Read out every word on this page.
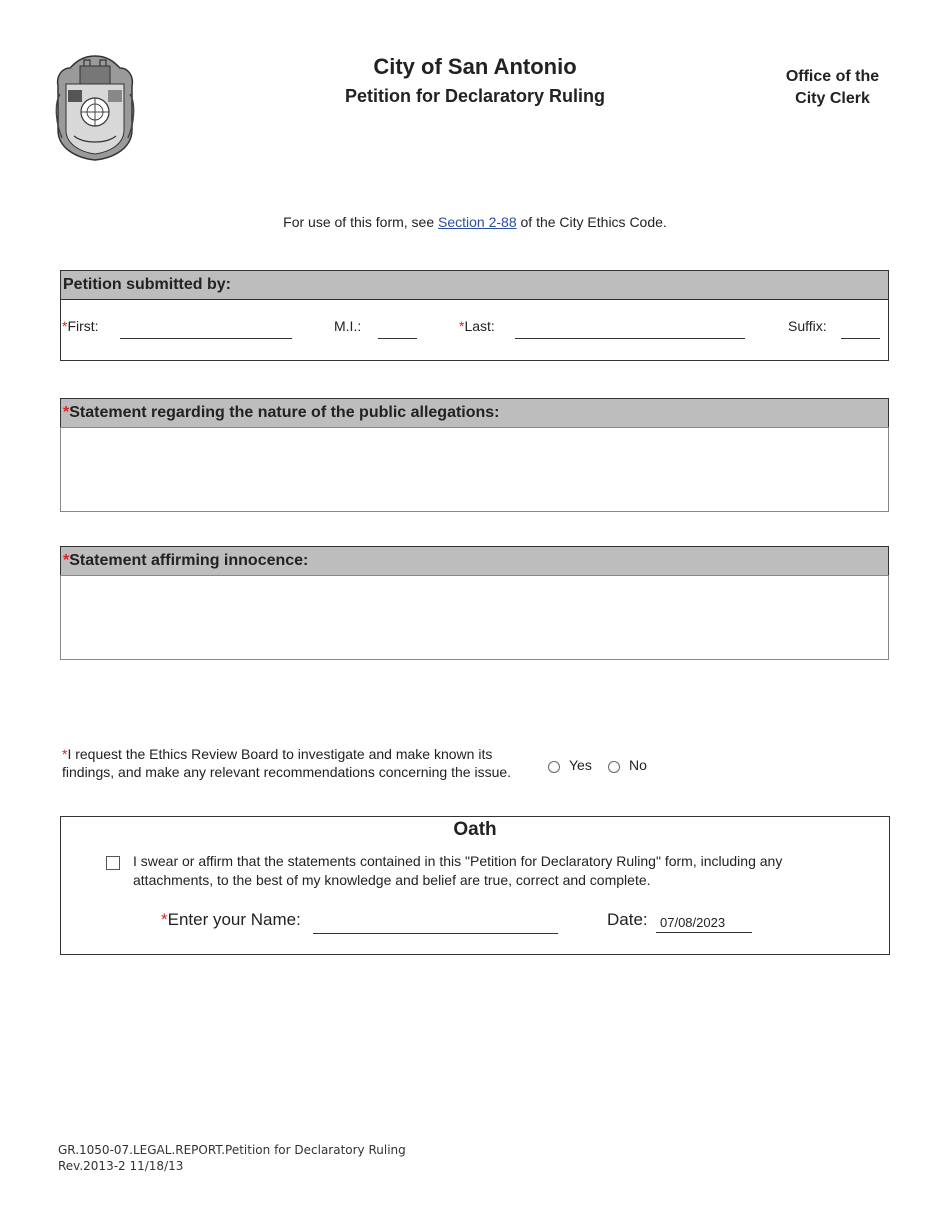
City of San Antonio
Petition for Declaratory Ruling
Office of the
City Clerk
For use of this form, see Section 2-88 of the City Ethics Code.
Petition submitted by:
*First:	M.I.:	*Last:	Suffix:
*Statement regarding the nature of the public allegations:
*Statement affirming innocence:
*I request the Ethics Review Board to investigate and make known its
findings, and make any relevant recommendations concerning the issue.	Yes	No
Oath
I swear or affirm that the statements contained in this "Petition for Declaratory Ruling" form, including any
attachments, to the best of my knowledge and belief are true, correct and complete.
*Enter your Name:	Date: 07/08/2023
GR.1050-07.LEGAL.REPORT.Petition for Declaratory Ruling
Rev.2013-2 11/18/13
